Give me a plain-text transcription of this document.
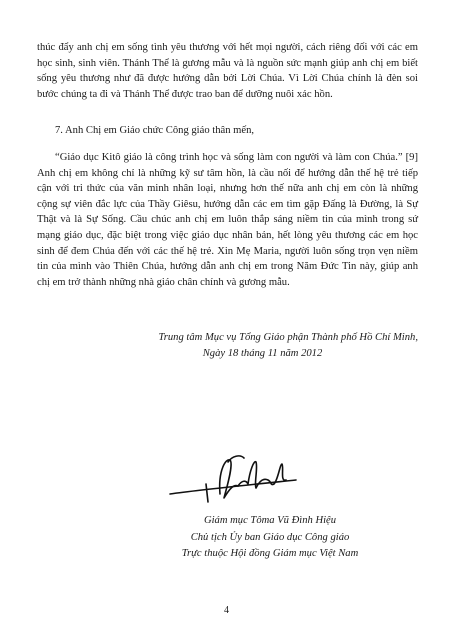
thúc đẩy anh chị em sống tình yêu thương với hết mọi người, cách riêng đối với các em học sinh, sinh viên. Thánh Thể là gương mẫu và là nguồn sức mạnh giúp anh chị em biết sống yêu thương như đã được hướng dẫn bởi Lời Chúa. Vì Lời Chúa chính là đèn soi bước chúng ta đi và Thánh Thể được trao ban để dưỡng nuôi xác hồn.

7. Anh Chị em Giáo chức Công giáo thân mến,

“Giáo dục Kitô giáo là công trình học và sống làm con người và làm con Chúa.” [9] Anh chị em không chỉ là những kỹ sư tâm hồn, là cầu nối để hướng dẫn thế hệ trẻ tiếp cận với tri thức của văn minh nhân loại, nhưng hơn thế nữa anh chị em còn là những cộng sự viên đắc lực của Thầy Giêsu, hướng dẫn các em tìm gặp Đấng là Đường, là Sự Thật và là Sự Sống. Cầu chúc anh chị em luôn thắp sáng niềm tin của mình trong sứ mạng giáo dục, đặc biệt trong việc giáo dục nhân bản, hết lòng yêu thương các em học sinh để đem Chúa đến với các thế hệ trẻ. Xin Mẹ Maria, người luôn sống trọn vẹn niềm tin của mình vào Thiên Chúa, hướng dẫn anh chị em trong Năm Đức Tin này, giúp anh chị em trở thành những nhà giáo chân chính và gương mẫu.

Trung tâm Mục vụ Tổng Giáo phận Thành phố Hồ Chí Minh,
Ngày 18 tháng 11 năm 2012
Giám mục Tôma Vũ Đình Hiệu
Chủ tịch Ủy ban Giáo dục Công giáo
Trực thuộc Hội đồng Giám mục Việt Nam
4
